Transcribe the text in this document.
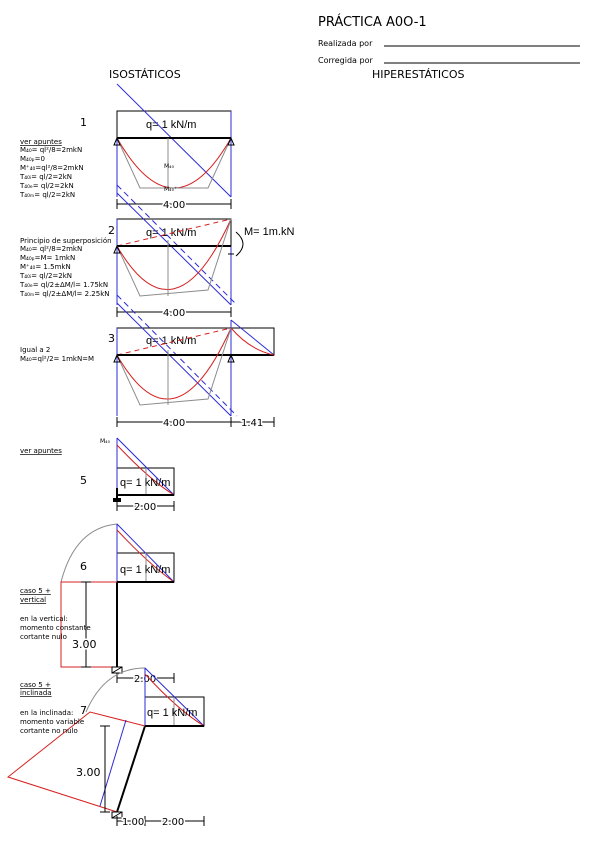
PRÁCTICA A0O-1
Realizada por
Corregida por
ISOSTÁTICOS	HIPERESTÁTICOS
1	q= 1 kN/m
M₄₀
M₄₀⁺
4.00
ver apuntes
M₄₀= ql²/8=2mkN
M₄₀ₚ=0
M⁺₄₀=ql²/8=2mkN
T₄₀ᵢ= ql/2=2kN
T₄₀ₑ= ql/2=2kN
T₄₀ₘ= ql/2=2kN
2	q= 1 kN/m	M= 1m.kN
4.00
Principio de superposición
M₄₀= ql²/8=2mkN
M₄₀ₚ=M= 1mkN
M⁺₄₀= 1.5mkN
T₄₀ᵢ= ql/2=2kN
T₄₀ₑ= ql/2±ΔM/l= 1.75kN
T₄₀ₘ= ql/2±ΔM/l= 2.25kN
3	q= 1 kN/m
4.00	1.41
Igual a 2
M₄₀=ql²/2= 1mkN=M
M₄₀
5	q= 1 kN/m
2.00
ver apuntes
6	q= 1 kN/m
3.00
2.00
caso 5 +
vertical
en la vertical:
momento constante
cortante nulo
7	q= 1 kN/m
3.00
1.00 2.00
caso 5 +
inclinada
en la inclinada:
momento variable
cortante no nulo
